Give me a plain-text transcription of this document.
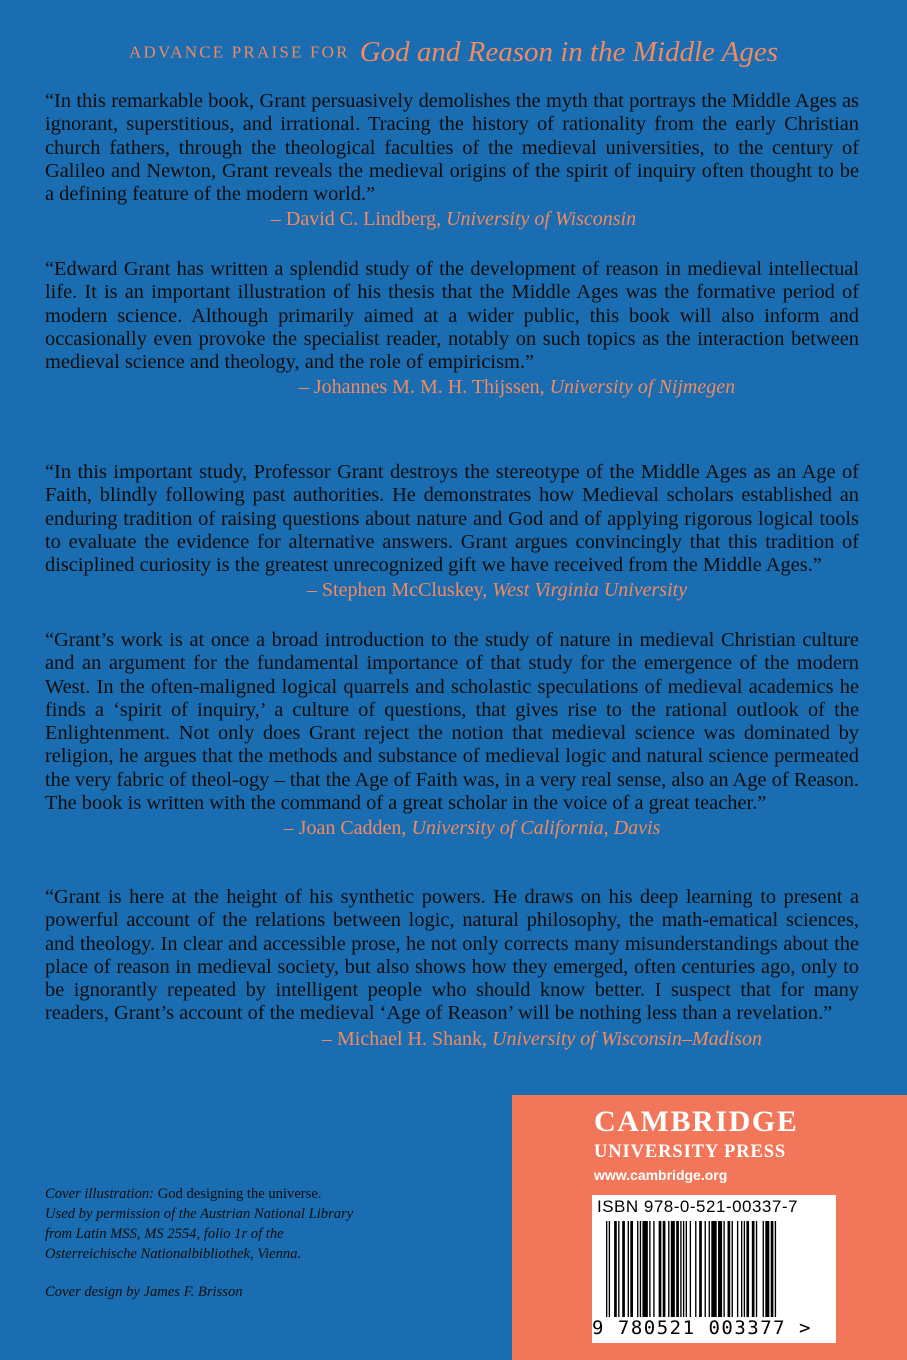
ADVANCE PRAISE FOR God and Reason in the Middle Ages

“In this remarkable book, Grant persuasively demolishes the myth that portrays the Middle Ages as ignorant, superstitious, and irrational. Tracing the history of rationality from the early Christian church fathers, through the theological faculties of the medieval universities, to the century of Galileo and Newton, Grant reveals the medieval origins of the spirit of inquiry often thought to be a defining feature of the modern world.”

– David C. Lindberg, University of Wisconsin

“Edward Grant has written a splendid study of the development of reason in medieval intellectual life. It is an important illustration of his thesis that the Middle Ages was the formative period of modern science. Although primarily aimed at a wider public, this book will also inform and occasionally even provoke the specialist reader, notably on such topics as the interaction between medieval science and theology, and the role of empiricism.”

– Johannes M. M. H. Thijssen, University of Nijmegen

“In this important study, Professor Grant destroys the stereotype of the Middle Ages as an Age of Faith, blindly following past authorities. He demonstrates how Medieval scholars established an enduring tradition of raising questions about nature and God and of applying rigorous logical tools to evaluate the evidence for alternative answers. Grant argues convincingly that this tradition of disciplined curiosity is the greatest unrecognized gift we have received from the Middle Ages.”

– Stephen McCluskey, West Virginia University

“Grant’s work is at once a broad introduction to the study of nature in medieval Christian culture and an argument for the fundamental importance of that study for the emergence of the modern West. In the often-maligned logical quarrels and scholastic speculations of medieval academics he finds a ‘spirit of inquiry,’ a culture of questions, that gives rise to the rational outlook of the Enlightenment. Not only does Grant reject the notion that medieval science was dominated by religion, he argues that the methods and substance of medieval logic and natural science permeated the very fabric of theol-ogy – that the Age of Faith was, in a very real sense, also an Age of Reason. The book is written with the command of a great scholar in the voice of a great teacher.”

– Joan Cadden, University of California, Davis

“Grant is here at the height of his synthetic powers. He draws on his deep learning to present a powerful account of the relations between logic, natural philosophy, the math-ematical sciences, and theology. In clear and accessible prose, he not only corrects many misunderstandings about the place of reason in medieval society, but also shows how they emerged, often centuries ago, only to be ignorantly repeated by intelligent people who should know better. I suspect that for many readers, Grant’s account of the medieval ‘Age of Reason’ will be nothing less than a revelation.”

– Michael H. Shank, University of Wisconsin–Madison
Cover illustration: God designing the universe.
Used by permission of the Austrian National Library
from Latin MSS, MS 2554, folio 1r of the
Osterreichische Nationalbibliothek, Vienna.
Cover design by James F. Brisson
CAMBRIDGE
UNIVERSITY PRESS
www.cambridge.org
ISBN 978-0-521-00337-7
9 780521 003377 >
